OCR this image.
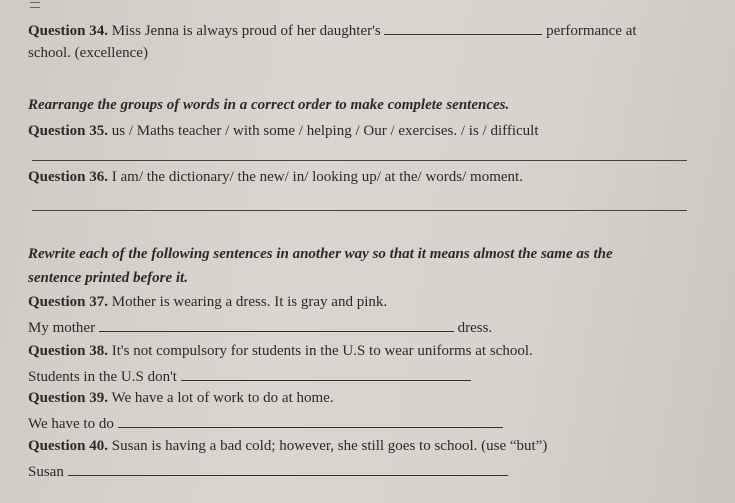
Question 34. Miss Jenna is always proud of her daughter's	performance at
school. (excellence)
Rearrange the groups of words in a correct order to make complete sentences.
Question 35. us / Maths teacher / with some / helping / Our / exercises. / is / difficult
Question 36. I am/ the dictionary/ the new/ in/ looking up/ at the/ words/ moment.
Rewrite each of the following sentences in another way so that it means almost the same as the
sentence printed before it.
Question 37. Mother is wearing a dress. It is gray and pink.
My mother	dress.
Question 38. It's not compulsory for students in the U.S to wear uniforms at school.
Students in the U.S don't
Question 39. We have a lot of work to do at home.
We have to do
Question 40. Susan is having a bad cold; however, she still goes to school. (use “but”)
Susan
